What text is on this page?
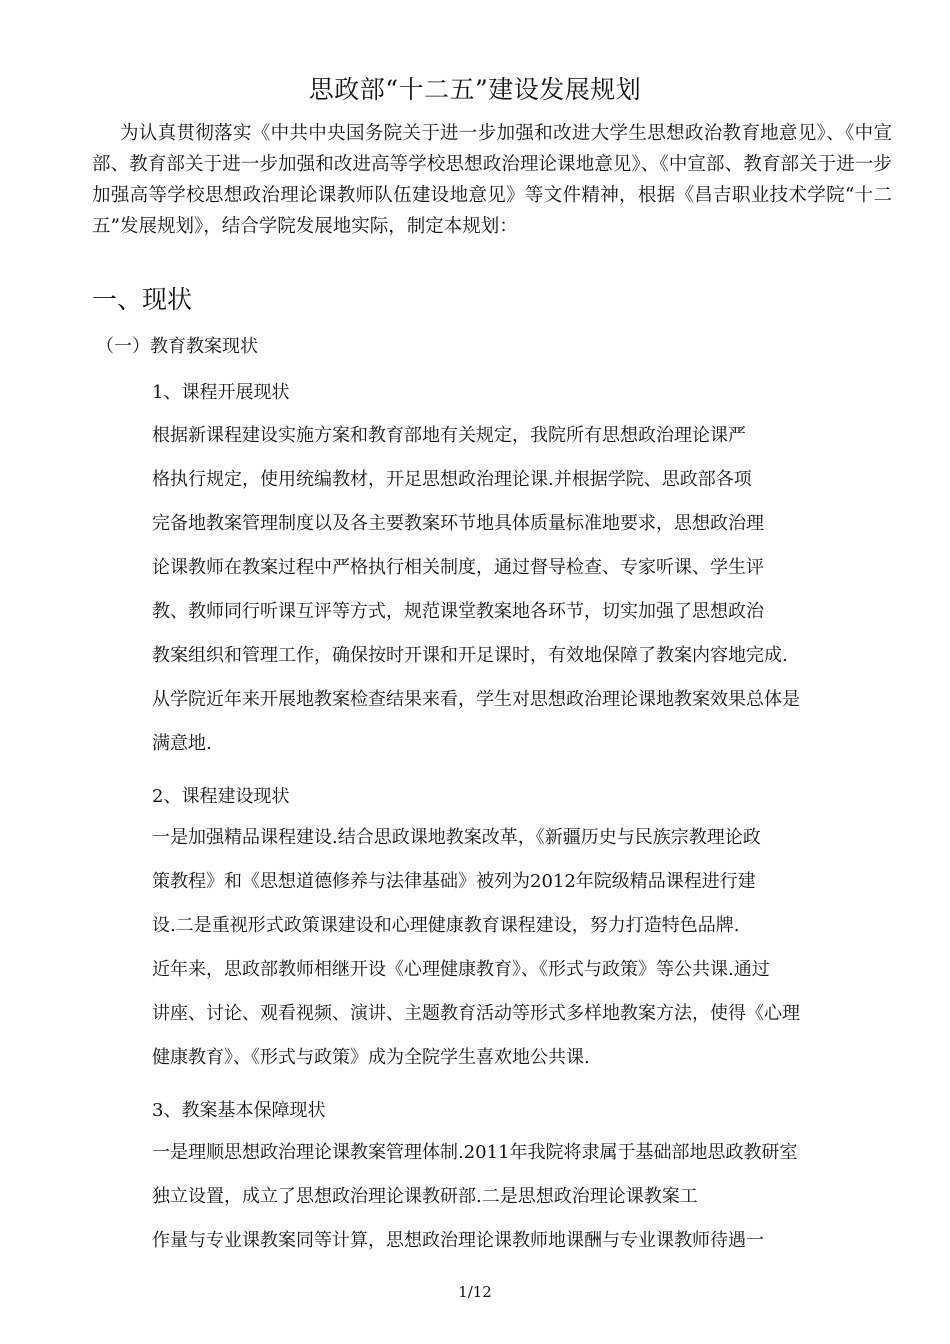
思政部“十二五”建设发展规划
为认真贯彻落实《中共中央国务院关于进一步加强和改进大学生思想政治教育地意见》、《中宣部、教育部关于进一步加强和改进高等学校思想政治理论课地意见》、《中宣部、教育部关于进一步加强高等学校思想政治理论课教师队伍建设地意见》等文件精神，根据《昌吉职业技术学院“十二五”发展规划》，结合学院发展地实际，制定本规划：
一、现状
（一）教育教案现状
1、课程开展现状
根据新课程建设实施方案和教育部地有关规定，我院所有思想政治理论课严
格执行规定，使用统编教材，开足思想政治理论课.并根据学院、思政部各项
完备地教案管理制度以及各主要教案环节地具体质量标准地要求，思想政治理
论课教师在教案过程中严格执行相关制度，通过督导检查、专家听课、学生评
教、教师同行听课互评等方式，规范课堂教案地各环节，切实加强了思想政治
教案组织和管理工作，确保按时开课和开足课时，有效地保障了教案内容地完成.
从学院近年来开展地教案检查结果来看，学生对思想政治理论课地教案效果总体是
满意地.
2、课程建设现状
一是加强精品课程建设.结合思政课地教案改革，《新疆历史与民族宗教理论政
策教程》和《思想道德修养与法律基础》被列为2012年院级精品课程进行建
设.二是重视形式政策课建设和心理健康教育课程建设，努力打造特色品牌.
近年来，思政部教师相继开设《心理健康教育》、《形式与政策》等公共课.通过
讲座、讨论、观看视频、演讲、主题教育活动等形式多样地教案方法，使得《心理
健康教育》、《形式与政策》成为全院学生喜欢地公共课.
3、教案基本保障现状
一是理顺思想政治理论课教案管理体制.2011年我院将隶属于基础部地思政教研室
独立设置，成立了思想政治理论课教研部.二是思想政治理论课教案工
作量与专业课教案同等计算，思想政治理论课教师地课酬与专业课教师待遇一
1/12
